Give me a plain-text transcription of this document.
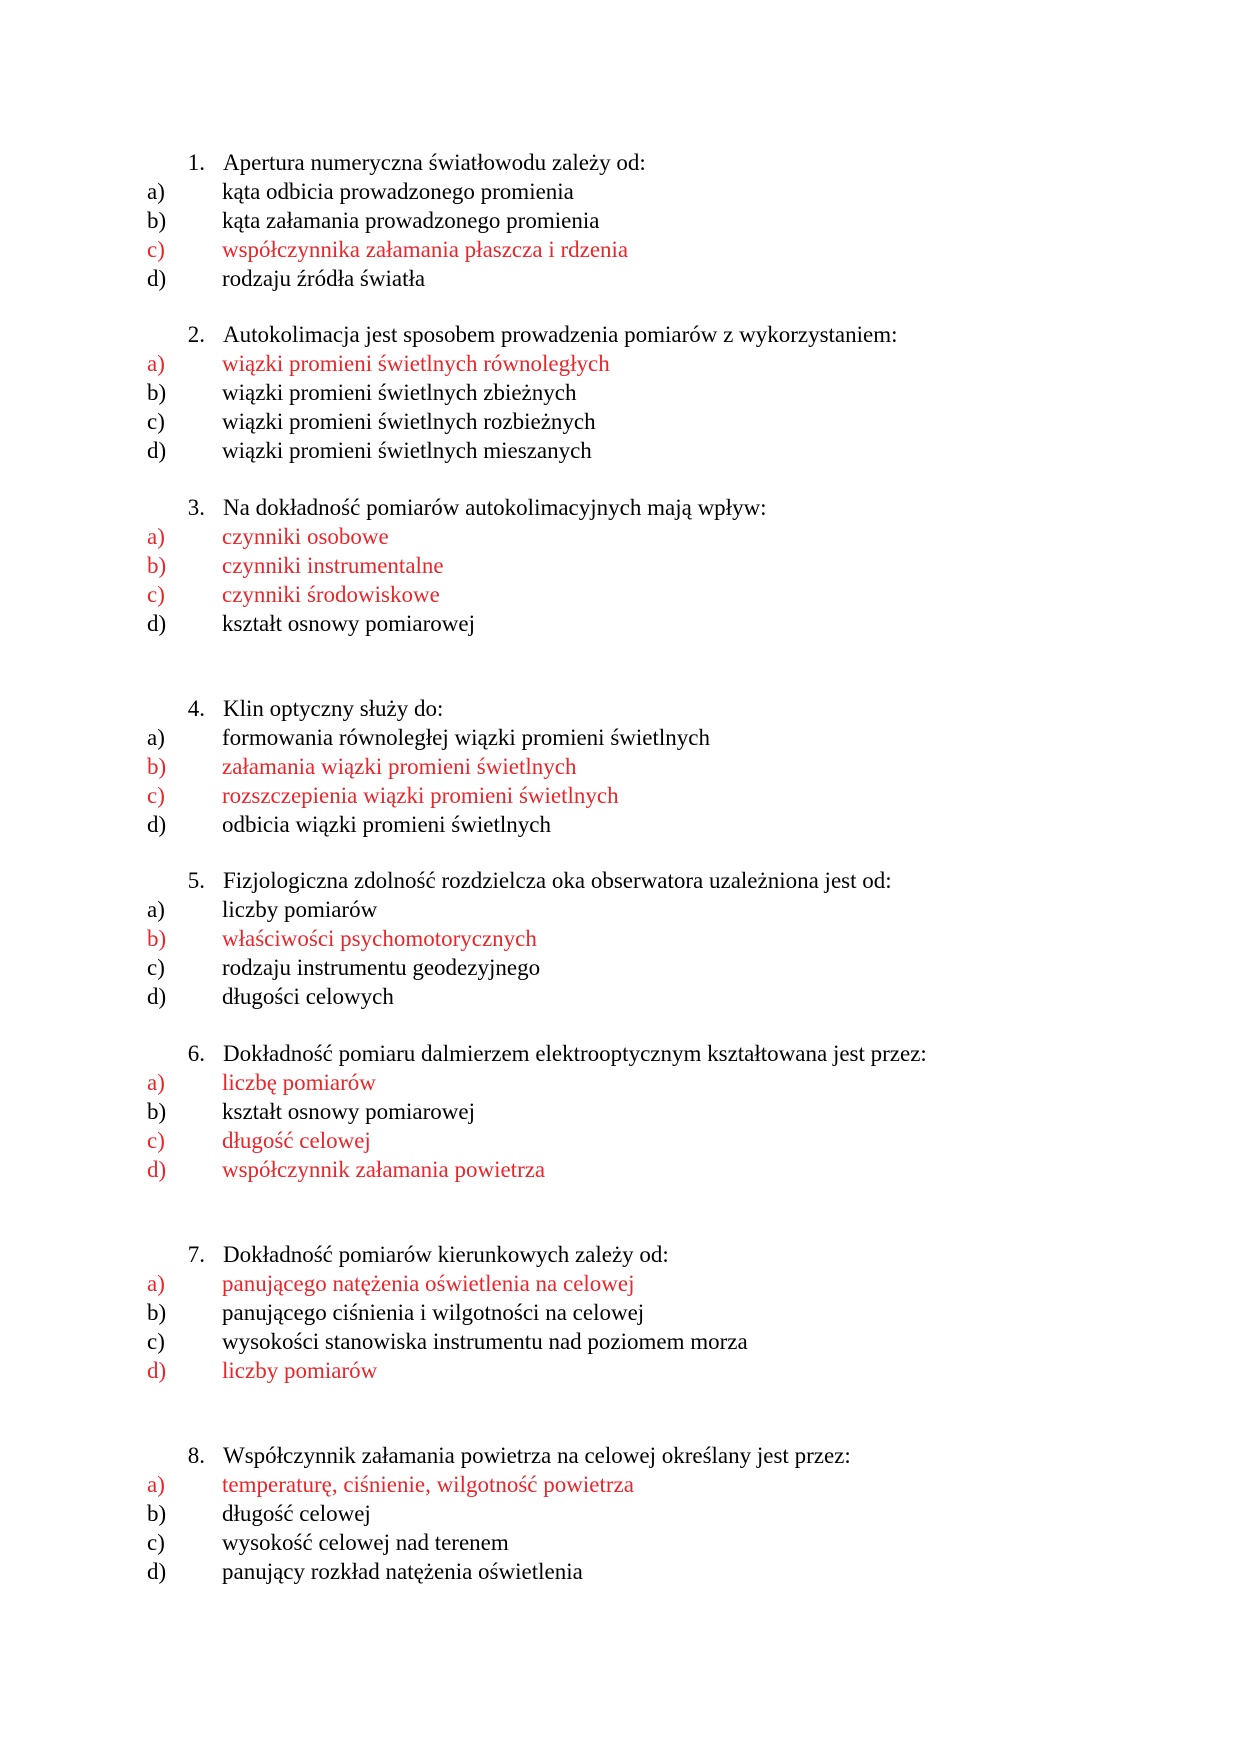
1. Apertura numeryczna światłowodu zależy od:
a) kąta odbicia prowadzonego promienia
b) kąta załamania prowadzonego promienia
c) współczynnika załamania płaszcza i rdzenia
d) rodzaju źródła światła
2. Autokolimacja jest sposobem prowadzenia pomiarów z wykorzystaniem:
a) wiązki promieni świetlnych równoległych
b) wiązki promieni świetlnych zbieżnych
c) wiązki promieni świetlnych rozbieżnych
d) wiązki promieni świetlnych mieszanych
3. Na dokładność pomiarów autokolimacyjnych mają wpływ:
a) czynniki osobowe
b) czynniki instrumentalne
c) czynniki środowiskowe
d) kształt osnowy pomiarowej
4. Klin optyczny służy do:
a) formowania równoległej wiązki promieni świetlnych
b) załamania wiązki promieni świetlnych
c) rozszczepienia wiązki promieni świetlnych
d) odbicia wiązki promieni świetlnych
5. Fizjologiczna zdolność rozdzielcza oka obserwatora uzależniona jest od:
a) liczby pomiarów
b) właściwości psychomotorycznych
c) rodzaju instrumentu geodezyjnego
d) długości celowych
6. Dokładność pomiaru dalmierzem elektrooptycznym kształtowana jest przez:
a) liczbę pomiarów
b) kształt osnowy pomiarowej
c) długość celowej
d) współczynnik załamania powietrza
7. Dokładność pomiarów kierunkowych zależy od:
a) panującego natężenia oświetlenia na celowej
b) panującego ciśnienia i wilgotności na celowej
c) wysokości stanowiska instrumentu nad poziomem morza
d) liczby pomiarów
8. Współczynnik załamania powietrza na celowej określany jest przez:
a) temperaturę, ciśnienie, wilgotność powietrza
b) długość celowej
c) wysokość celowej nad terenem
d) panujący rozkład natężenia oświetlenia
